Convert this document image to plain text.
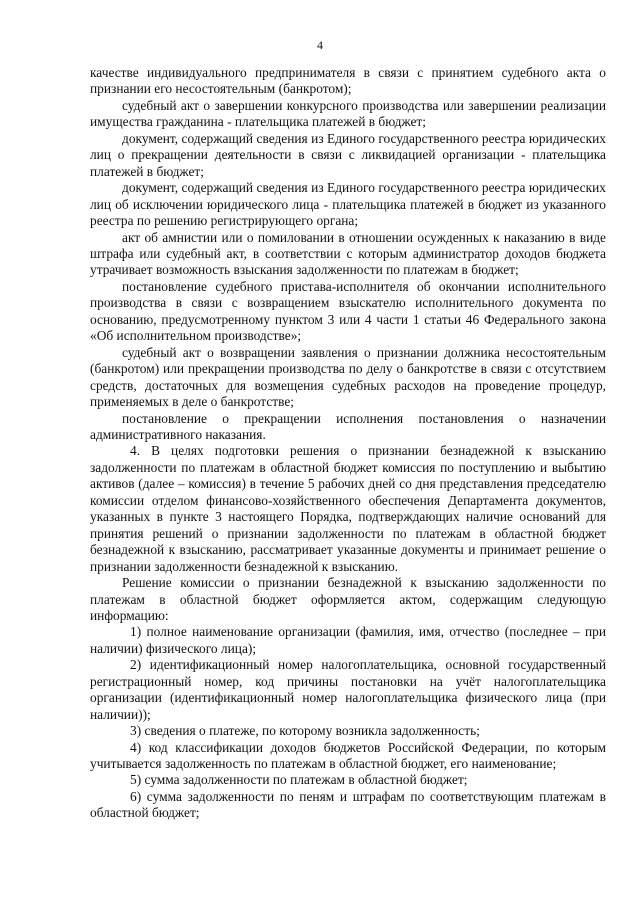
4

качестве индивидуального предпринимателя в связи с принятием судебного акта о признании его несостоятельным (банкротом);

судебный акт о завершении конкурсного производства или завершении реализации имущества гражданина - плательщика платежей в бюджет;

документ, содержащий сведения из Единого государственного реестра юридических лиц о прекращении деятельности в связи с ликвидацией организации - плательщика платежей в бюджет;

документ, содержащий сведения из Единого государственного реестра юридических лиц об исключении юридического лица - плательщика платежей в бюджет из указанного реестра по решению регистрирующего органа;

акт об амнистии или о помиловании в отношении осужденных к наказанию в виде штрафа или судебный акт, в соответствии с которым администратор доходов бюджета утрачивает возможность взыскания задолженности по платежам в бюджет;

постановление судебного пристава-исполнителя об окончании исполнительного производства в связи с возвращением взыскателю исполнительного документа по основанию, предусмотренному пунктом 3 или 4 части 1 статьи 46 Федерального закона «Об исполнительном производстве»;

судебный акт о возвращении заявления о признании должника несостоятельным (банкротом) или прекращении производства по делу о банкротстве в связи с отсутствием средств, достаточных для возмещения судебных расходов на проведение процедур, применяемых в деле о банкротстве;

постановление о прекращении исполнения постановления о назначении административного наказания.

4. В целях подготовки решения о признании безнадежной к взысканию задолженности по платежам в областной бюджет комиссия по поступлению и выбытию активов (далее – комиссия) в течение 5 рабочих дней со дня представления председателю комиссии отделом финансово-хозяйственного обеспечения Департамента документов, указанных в пункте 3 настоящего Порядка, подтверждающих наличие оснований для принятия решений о признании задолженности по платежам в областной бюджет безнадежной к взысканию, рассматривает указанные документы и принимает решение о признании задолженности безнадежной к взысканию.

Решение комиссии о признании безнадежной к взысканию задолженности по платежам в областной бюджет оформляется актом, содержащим следующую информацию:

1) полное наименование организации (фамилия, имя, отчество (последнее – при наличии) физического лица);

2) идентификационный номер налогоплательщика, основной государственный регистрационный номер, код причины постановки на учёт налогоплательщика организации (идентификационный номер налогоплательщика физического лица (при наличии));

3) сведения о платеже, по которому возникла задолженность;

4) код классификации доходов бюджетов Российской Федерации, по которым учитывается задолженность по платежам в областной бюджет, его наименование;

5) сумма задолженности по платежам в областной бюджет;

6) сумма задолженности по пеням и штрафам по соответствующим платежам в областной бюджет;
